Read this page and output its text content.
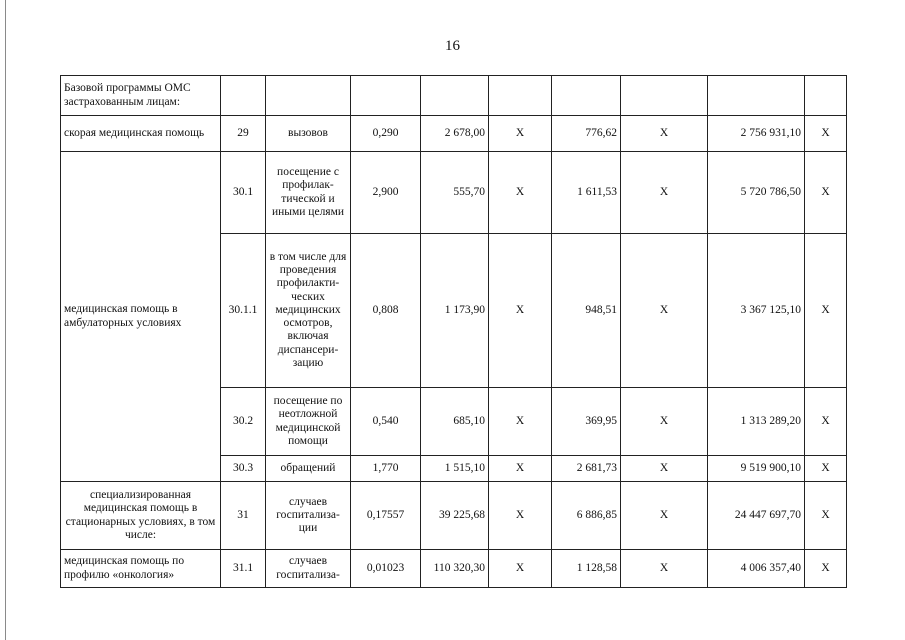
16
Базовой программы ОМС застрахованным лицам:									
скорая медицинская помощь	29	вызовов	0,290	2 678,00	Х	776,62	Х	2 756 931,10	Х
медицинская помощь в амбулаторных условиях	30.1	посещение с профилак-тической и иными целями	2,900	555,70	Х	1 611,53	Х	5 720 786,50	Х
	30.1.1	в том числе для проведения профилакти-ческих медицинских осмотров, включая диспансери-зацию	0,808	1 173,90	Х	948,51	Х	3 367 125,10	Х
	30.2	посещение по неотложной медицинской помощи	0,540	685,10	Х	369,95	Х	1 313 289,20	Х
	30.3	обращений	1,770	1 515,10	Х	2 681,73	Х	9 519 900,10	Х
специализированная медицинская помощь в стационарных условиях, в том числе:	31	случаев госпитализа-ции	0,17557	39 225,68	Х	6 886,85	Х	24 447 697,70	Х
медицинская помощь по профилю «онкология»	31.1	случаев госпитализа-	0,01023	110 320,30	Х	1 128,58	Х	4 006 357,40	Х
